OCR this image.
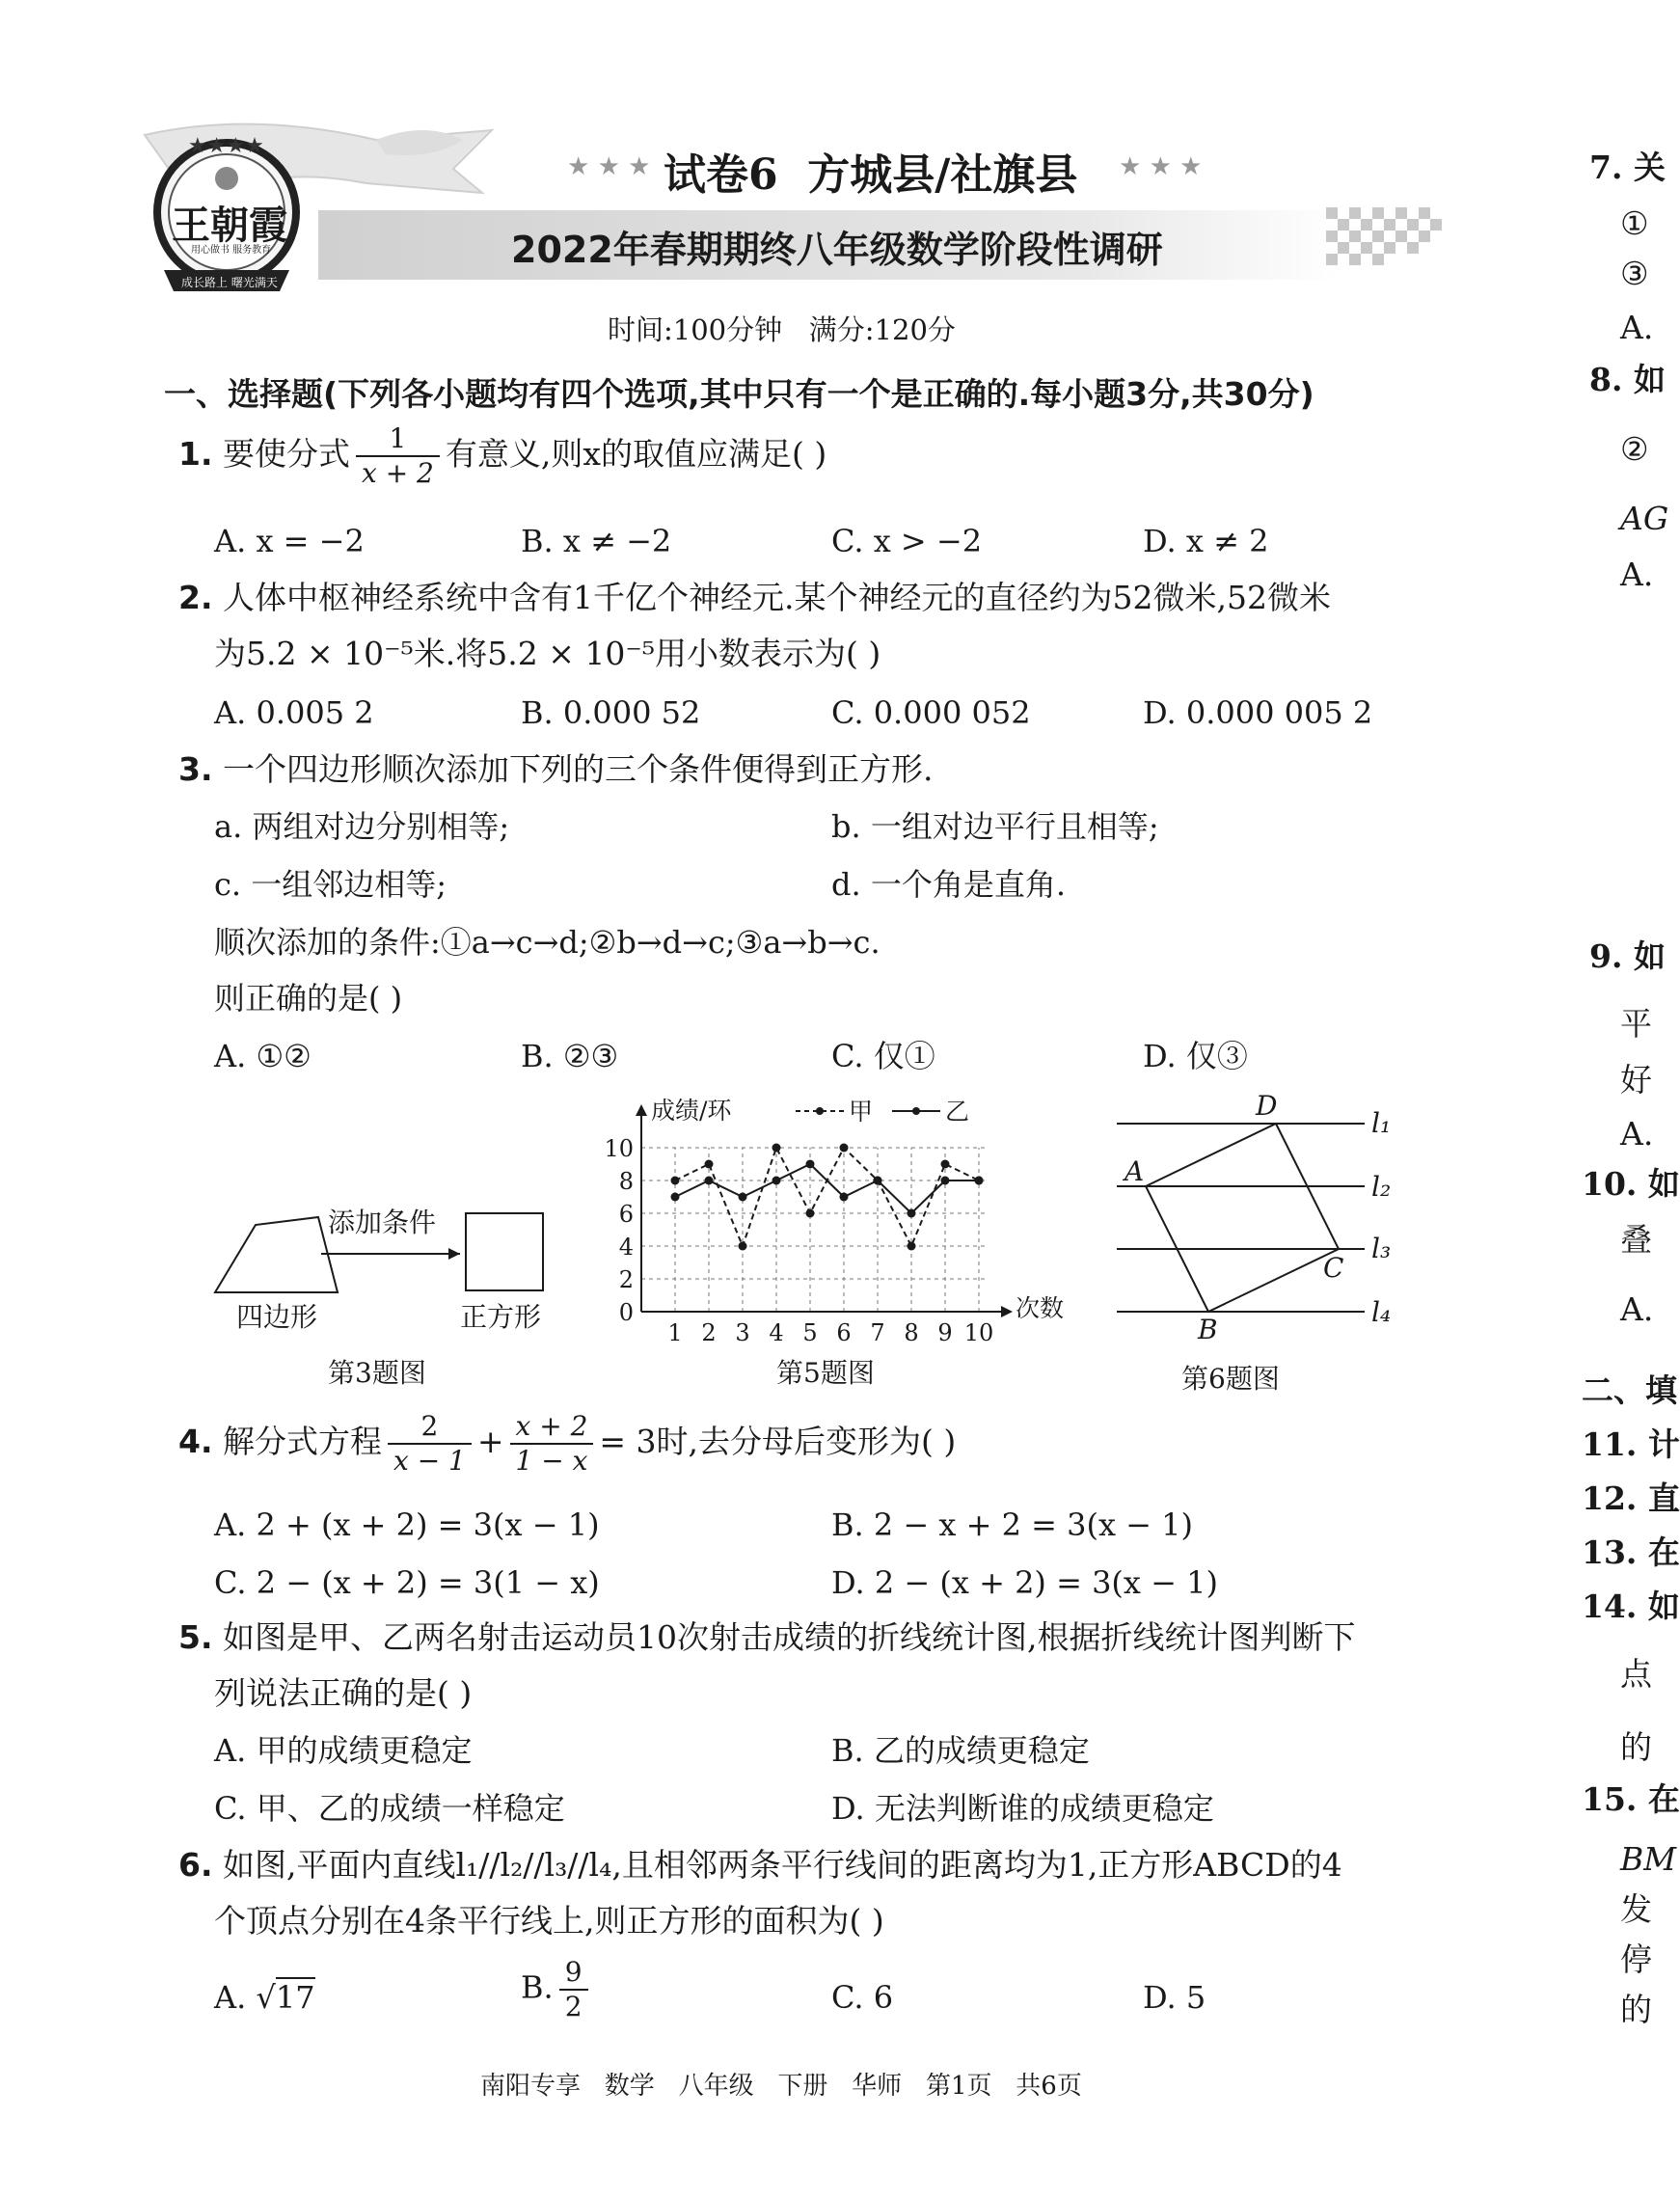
★★★★
王朝霞
用心做书 服务教育
成长路上 曙光满天
★ ★ ★ 试卷6  方城县/社旗县 ★ ★ ★
2022年春期期终八年级数学阶段性调研
时间:100分钟   满分:120分
一、选择题(下列各小题均有四个选项,其中只有一个是正确的.每小题3分,共30分)
1. 要使分式 $\frac{1}{x + 2}$ 有意义,则x的取值应满足( )
A. x = −2	B. x ≠ −2	C. x > −2	D. x ≠ 2
2. 人体中枢神经系统中含有1千亿个神经元.某个神经元的直径约为52微米,52微米
为5.2 × 10⁻⁵米.将5.2 × 10⁻⁵用小数表示为( )
A. 0.005 2	B. 0.000 52	C. 0.000 052	D. 0.000 005 2
3. 一个四边形顺次添加下列的三个条件便得到正方形.
a. 两组对边分别相等;	b. 一组对边平行且相等;
c. 一组邻边相等;	d. 一个角是直角.
顺次添加的条件:①a→c→d;②b→d→c;③a→b→c.
则正确的是( )
A. ①②	B. ②③	C. 仅①	D. 仅③
添加条件
四边形	正方形
第3题图
0
2
4
6
8
10
1 2 3 4 5 6 7 8 9 10
成绩/环
次数
甲	乙
第5题图
A
B
C
D
l₁
l₂
l₃
l₄
第6题图
4. 解分式方程 $\frac{2}{x - 1} + \frac{x + 2}{1 - x} = 3$时,去分母后变形为( )
A. 2 + (x + 2) = 3(x − 1)	B. 2 − x + 2 = 3(x − 1)
C. 2 − (x + 2) = 3(1 − x)	D. 2 − (x + 2) = 3(x − 1)
5. 如图是甲、乙两名射击运动员10次射击成绩的折线统计图,根据折线统计图判断下
列说法正确的是( )
A. 甲的成绩更稳定	B. 乙的成绩更稳定
C. 甲、乙的成绩一样稳定	D. 无法判断谁的成绩更稳定
6. 如图,平面内直线l₁//l₂//l₃//l₄,且相邻两条平行线间的距离均为1,正方形ABCD的4
个顶点分别在4条平行线上,则正方形的面积为( )
A. √17	B. $\frac{9}{2}$	C. 6	D. 5
南阳专享   数学   八年级   下册   华师   第1页   共6页
7. 关
①
③
A.
8. 如
②
AG
A.
9. 如
平
好
A.
10. 如
叠
A.
二、填
11. 计
12. 直
13. 在
14. 如
点
的
15. 在
BM
发
停
的
